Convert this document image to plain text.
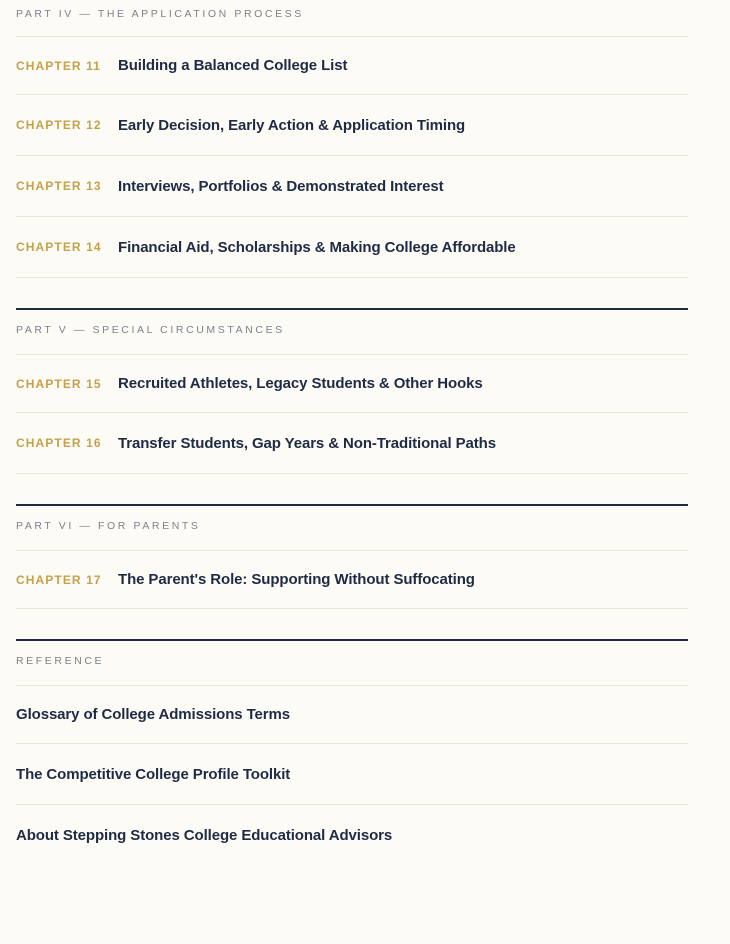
PART IV — THE APPLICATION PROCESS
CHAPTER 11	Building a Balanced College List
CHAPTER 12	Early Decision, Early Action & Application Timing
CHAPTER 13	Interviews, Portfolios & Demonstrated Interest
CHAPTER 14	Financial Aid, Scholarships & Making College Affordable
PART V — SPECIAL CIRCUMSTANCES
CHAPTER 15	Recruited Athletes, Legacy Students & Other Hooks
CHAPTER 16	Transfer Students, Gap Years & Non-Traditional Paths
PART VI — FOR PARENTS
CHAPTER 17	The Parent's Role: Supporting Without Suffocating
REFERENCE
Glossary of College Admissions Terms
The Competitive College Profile Toolkit
About Stepping Stones College Educational Advisors
